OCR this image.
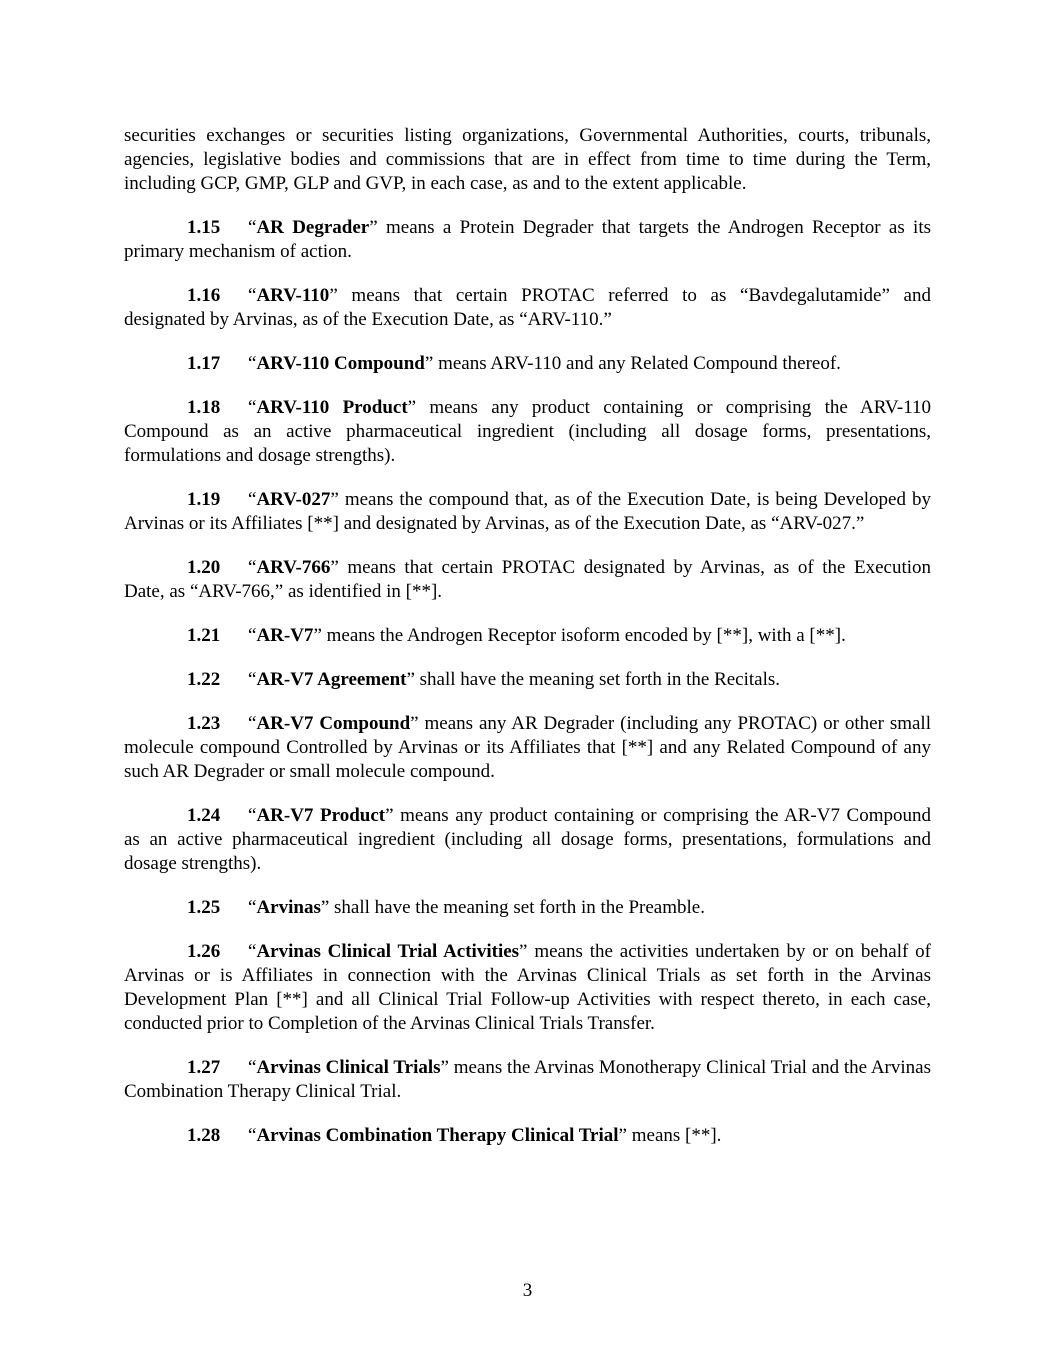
securities exchanges or securities listing organizations, Governmental Authorities, courts, tribunals, agencies, legislative bodies and commissions that are in effect from time to time during the Term, including GCP, GMP, GLP and GVP, in each case, as and to the extent applicable.

1.15 “AR Degrader” means a Protein Degrader that targets the Androgen Receptor as its primary mechanism of action.

1.16 “ARV-110” means that certain PROTAC referred to as “Bavdegalutamide” and designated by Arvinas, as of the Execution Date, as “ARV-110.”

1.17 “ARV-110 Compound” means ARV-110 and any Related Compound thereof.

1.18 “ARV-110 Product” means any product containing or comprising the ARV-110 Compound as an active pharmaceutical ingredient (including all dosage forms, presentations, formulations and dosage strengths).

1.19 “ARV-027” means the compound that, as of the Execution Date, is being Developed by Arvinas or its Affiliates [**] and designated by Arvinas, as of the Execution Date, as “ARV-027.”

1.20 “ARV-766” means that certain PROTAC designated by Arvinas, as of the Execution Date, as “ARV-766,” as identified in [**].

1.21 “AR-V7” means the Androgen Receptor isoform encoded by [**], with a [**].

1.22 “AR-V7 Agreement” shall have the meaning set forth in the Recitals.

1.23 “AR-V7 Compound” means any AR Degrader (including any PROTAC) or other small molecule compound Controlled by Arvinas or its Affiliates that [**] and any Related Compound of any such AR Degrader or small molecule compound.

1.24 “AR-V7 Product” means any product containing or comprising the AR-V7 Compound as an active pharmaceutical ingredient (including all dosage forms, presentations, formulations and dosage strengths).

1.25 “Arvinas” shall have the meaning set forth in the Preamble.

1.26 “Arvinas Clinical Trial Activities” means the activities undertaken by or on behalf of Arvinas or is Affiliates in connection with the Arvinas Clinical Trials as set forth in the Arvinas Development Plan [**] and all Clinical Trial Follow-up Activities with respect thereto, in each case, conducted prior to Completion of the Arvinas Clinical Trials Transfer.

1.27 “Arvinas Clinical Trials” means the Arvinas Monotherapy Clinical Trial and the Arvinas Combination Therapy Clinical Trial.

1.28 “Arvinas Combination Therapy Clinical Trial” means [**].

3
